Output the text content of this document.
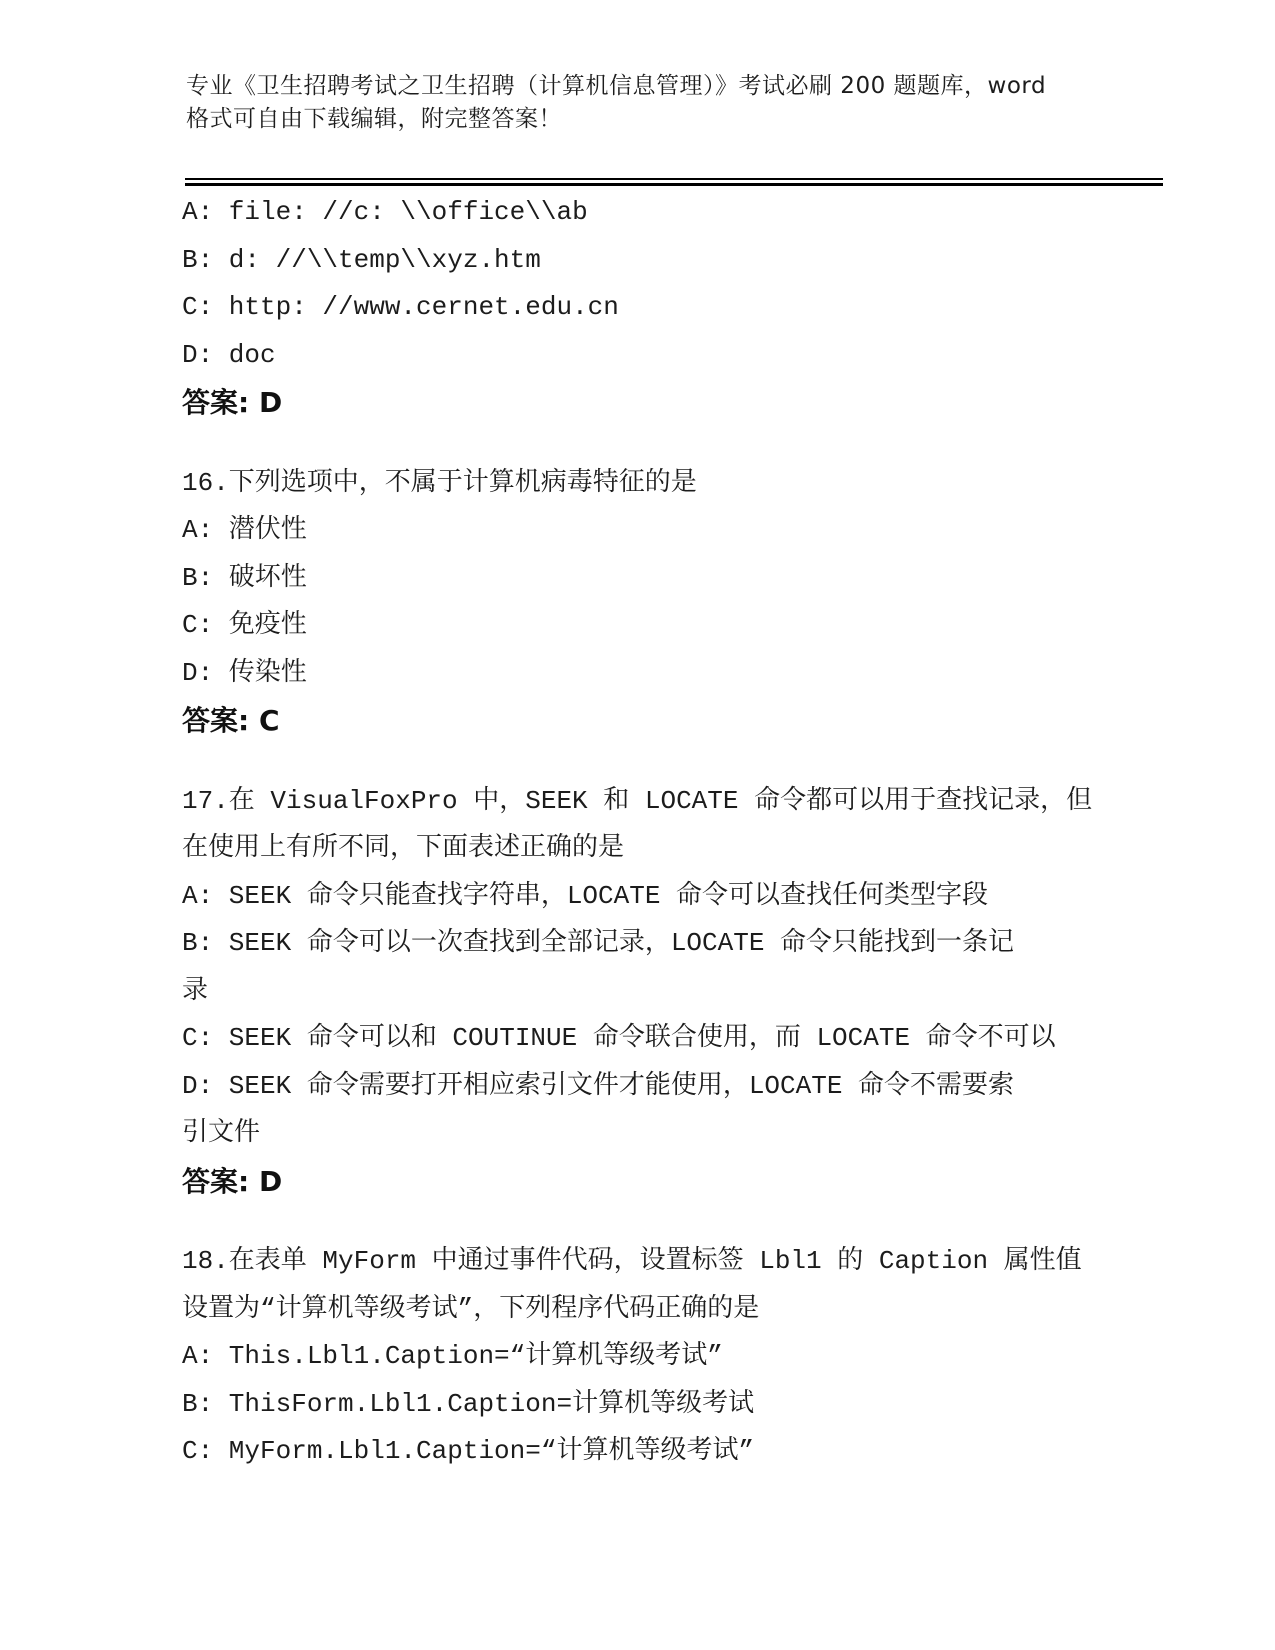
专业《卫生招聘考试之卫生招聘（计算机信息管理）》考试必刷 200 题题库，word
格式可自由下载编辑，附完整答案！
A: file: //c: \\office\\ab
B: d: //\\temp\\xyz.htm
C: http: //www.cernet.edu.cn
D: doc
答案: D
16.下列选项中，不属于计算机病毒特征的是
A: 潜伏性
B: 破坏性
C: 免疫性
D: 传染性
答案: C
17.在 VisualFoxPro 中，SEEK 和 LOCATE 命令都可以用于查找记录，但
在使用上有所不同，下面表述正确的是
A: SEEK 命令只能查找字符串，LOCATE 命令可以查找任何类型字段
B: SEEK 命令可以一次查找到全部记录，LOCATE 命令只能找到一条记
录
C: SEEK 命令可以和 COUTINUE 命令联合使用，而 LOCATE 命令不可以
D: SEEK 命令需要打开相应索引文件才能使用，LOCATE 命令不需要索
引文件
答案: D
18.在表单 MyForm 中通过事件代码，设置标签 Lbl1 的 Caption 属性值
设置为“计算机等级考试”，下列程序代码正确的是
A: This.Lbl1.Caption=“计算机等级考试”
B: ThisForm.Lbl1.Caption=计算机等级考试
C: MyForm.Lbl1.Caption=“计算机等级考试”
